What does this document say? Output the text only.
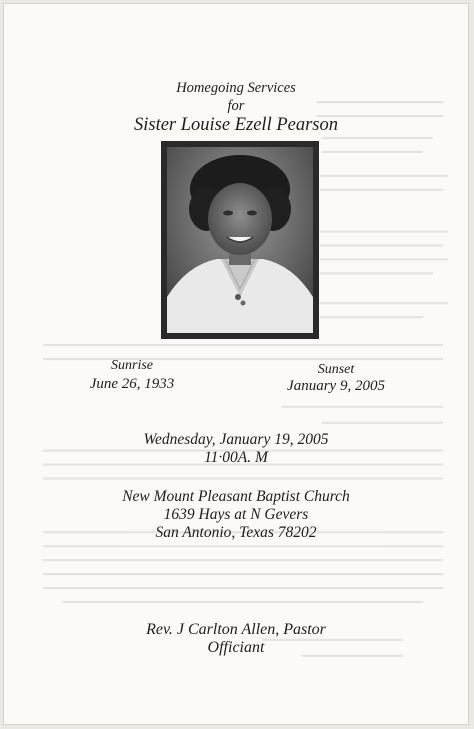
Homegoing Services
for
Sister Louise Ezell Pearson
Sunrise
June 26, 1933
Sunset
January 9, 2005
Wednesday, January 19, 2005
11·00A. M
New Mount Pleasant Baptist Church
1639 Hays at N Gevers
San Antonio, Texas 78202
Rev. J Carlton Allen, Pastor
Officiant
